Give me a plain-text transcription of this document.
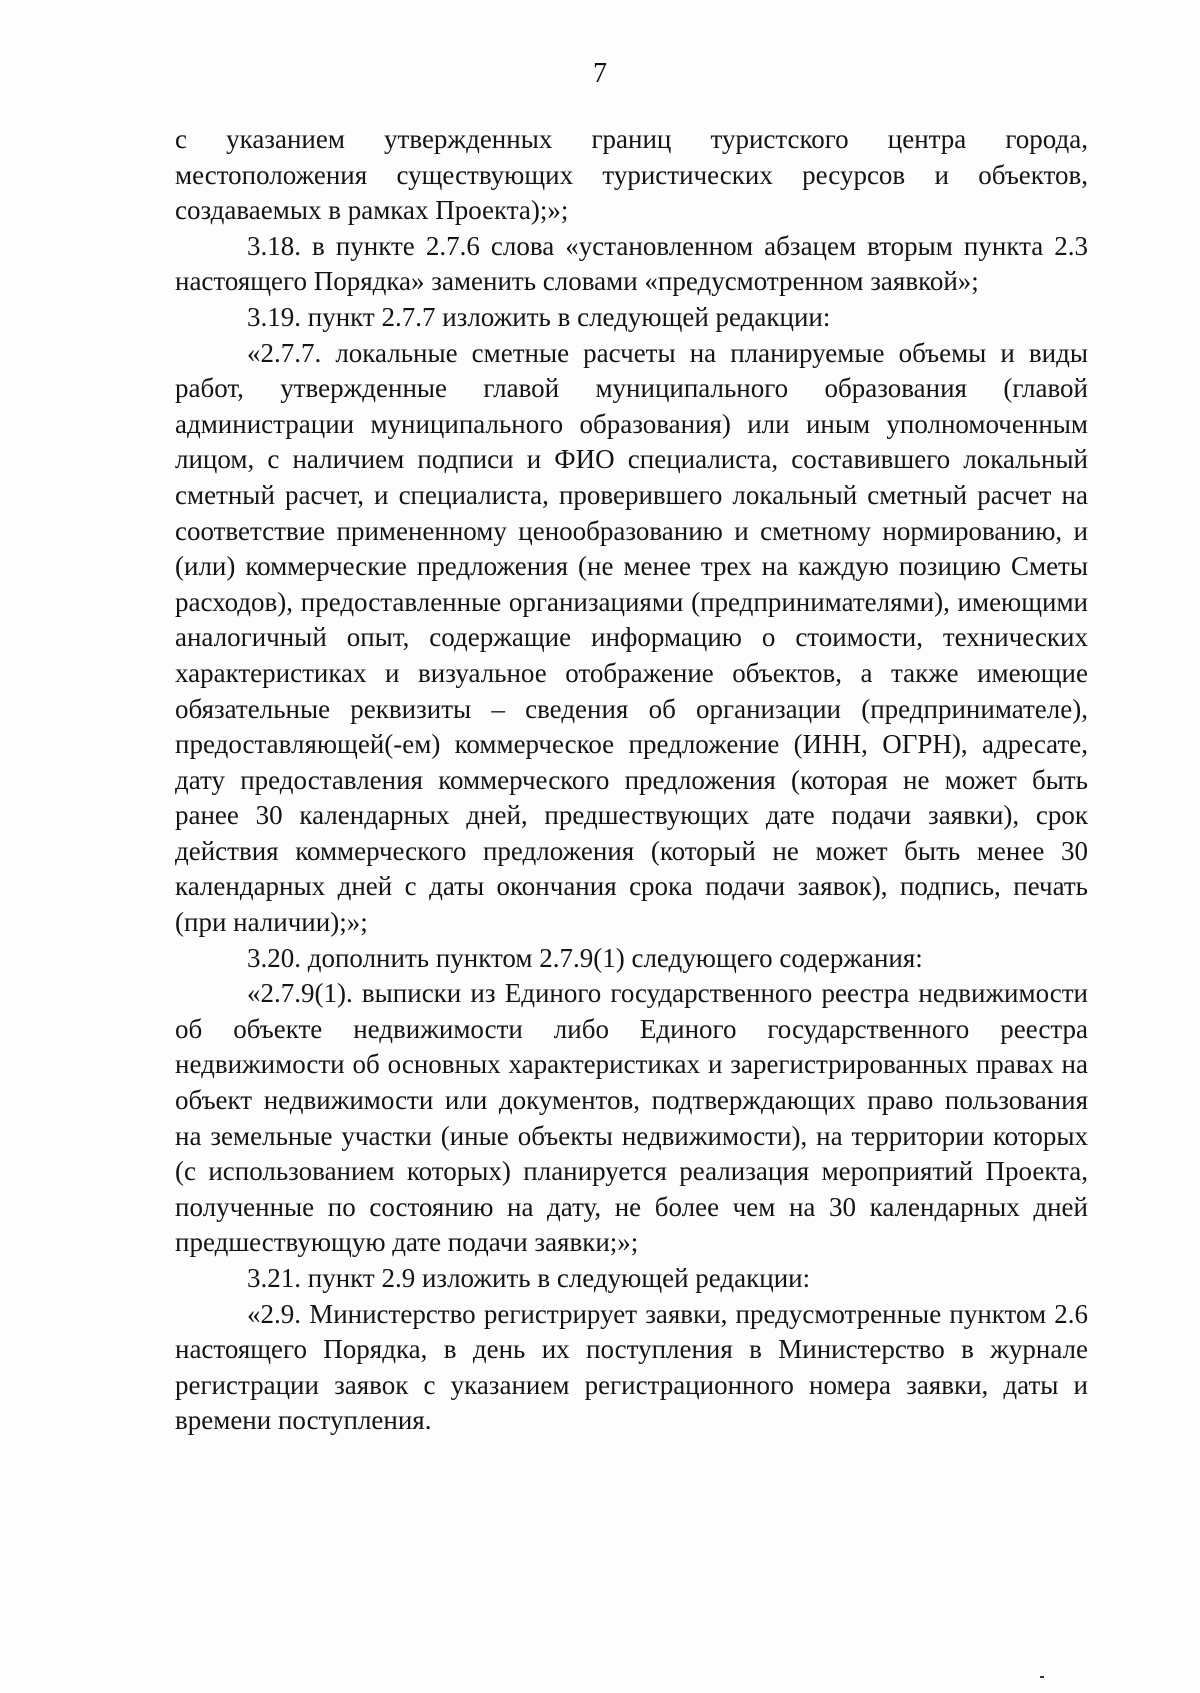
7

с указанием утвержденных границ туристского центра города, местоположения существующих туристических ресурсов и объектов, создаваемых в рамках Проекта);»;

3.18. в пункте 2.7.6 слова «установленном абзацем вторым пункта 2.3 настоящего Порядка» заменить словами «предусмотренном заявкой»;

3.19. пункт 2.7.7 изложить в следующей редакции:

«2.7.7. локальные сметные расчеты на планируемые объемы и виды работ, утвержденные главой муниципального образования (главой администрации муниципального образования) или иным уполномоченным лицом, с наличием подписи и ФИО специалиста, составившего локальный сметный расчет, и специалиста, проверившего локальный сметный расчет на соответствие примененному ценообразованию и сметному нормированию, и (или) коммерческие предложения (не менее трех на каждую позицию Сметы расходов), предоставленные организациями (предпринимателями), имеющими аналогичный опыт, содержащие информацию о стоимости, технических характеристиках и визуальное отображение объектов, а также имеющие обязательные реквизиты – сведения об организации (предпринимателе), предоставляющей(-ем) коммерческое предложение (ИНН, ОГРН), адресате, дату предоставления коммерческого предложения (которая не может быть ранее 30 календарных дней, предшествующих дате подачи заявки), срок действия коммерческого предложения (который не может быть менее 30 календарных дней с даты окончания срока подачи заявок), подпись, печать (при наличии);»;

3.20. дополнить пунктом 2.7.9(1) следующего содержания:

«2.7.9(1). выписки из Единого государственного реестра недвижимости об объекте недвижимости либо Единого государственного реестра недвижимости об основных характеристиках и зарегистрированных правах на объект недвижимости или документов, подтверждающих право пользования на земельные участки (иные объекты недвижимости), на территории которых (с использованием которых) планируется реализация мероприятий Проекта, полученные по состоянию на дату, не более чем на 30 календарных дней предшествующую дате подачи заявки;»;

3.21. пункт 2.9 изложить в следующей редакции:

«2.9. Министерство регистрирует заявки, предусмотренные пунктом 2.6 настоящего Порядка, в день их поступления в Министерство в журнале регистрации заявок с указанием регистрационного номера заявки, даты и времени поступления.
